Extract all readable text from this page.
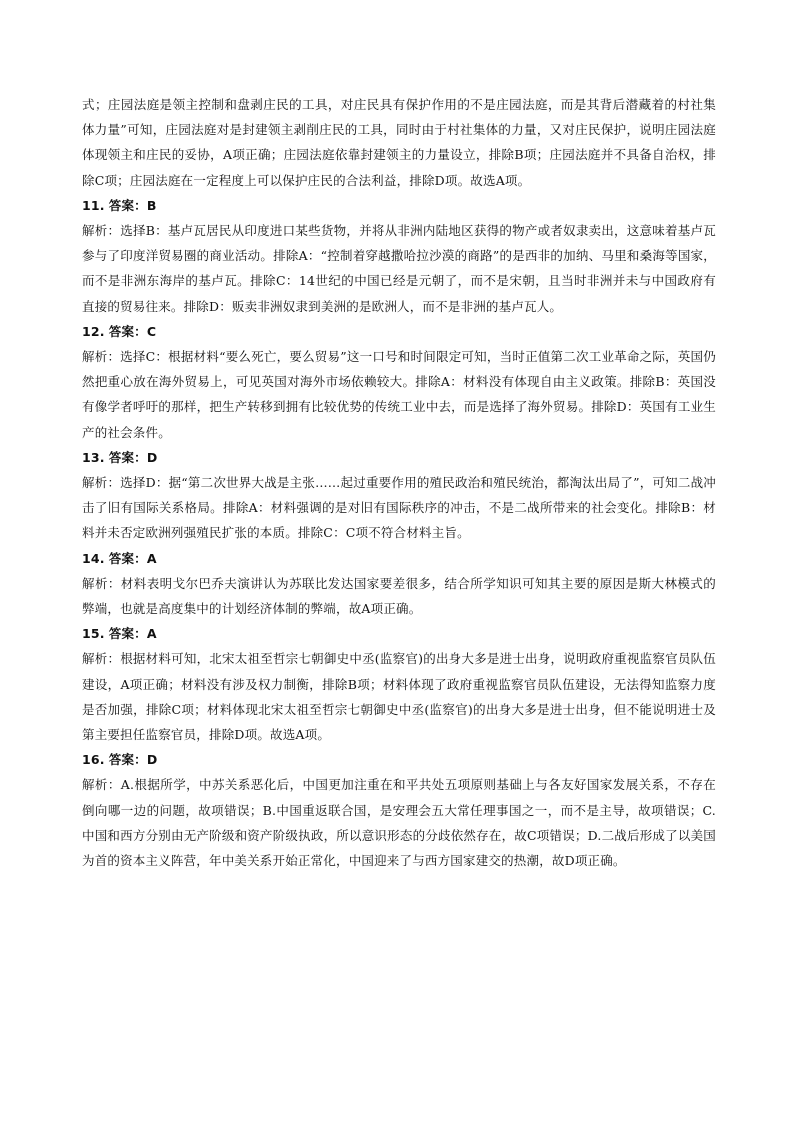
式；庄园法庭是领主控制和盘剥庄民的工具，对庄民具有保护作用的不是庄园法庭，而是其背后潜藏着的村社集体力量”可知，庄园法庭对是封建领主剥削庄民的工具，同时由于村社集体的力量，又对庄民保护，说明庄园法庭体现领主和庄民的妥协，A项正确；庄园法庭依靠封建领主的力量设立，排除B项；庄园法庭并不具备自治权，排除C项；庄园法庭在一定程度上可以保护庄民的合法利益，排除D项。故选A项。

11. 答案：B

解析：选择B：基卢瓦居民从印度进口某些货物，并将从非洲内陆地区获得的物产或者奴隶卖出，这意味着基卢瓦参与了印度洋贸易圈的商业活动。排除A：“控制着穿越撒哈拉沙漠的商路”的是西非的加纳、马里和桑海等国家，而不是非洲东海岸的基卢瓦。排除C：14世纪的中国已经是元朝了，而不是宋朝，且当时非洲并未与中国政府有直接的贸易往来。排除D：贩卖非洲奴隶到美洲的是欧洲人，而不是非洲的基卢瓦人。

12. 答案：C

解析：选择C：根据材料“要么死亡，要么贸易”这一口号和时间限定可知，当时正值第二次工业革命之际，英国仍然把重心放在海外贸易上，可见英国对海外市场依赖较大。排除A：材料没有体现自由主义政策。排除B：英国没有像学者呼吁的那样，把生产转移到拥有比较优势的传统工业中去，而是选择了海外贸易。排除D：英国有工业生产的社会条件。

13. 答案：D

解析：选择D：据“第二次世界大战是主张……起过重要作用的殖民政治和殖民统治，都淘汰出局了”，可知二战冲击了旧有国际关系格局。排除A：材料强调的是对旧有国际秩序的冲击，不是二战所带来的社会变化。排除B：材料并未否定欧洲列强殖民扩张的本质。排除C：C项不符合材料主旨。

14. 答案：A

解析：材料表明戈尔巴乔夫演讲认为苏联比发达国家要差很多，结合所学知识可知其主要的原因是斯大林模式的弊端，也就是高度集中的计划经济体制的弊端，故A项正确。

15. 答案：A

解析：根据材料可知，北宋太祖至哲宗七朝御史中丞(监察官)的出身大多是进士出身，说明政府重视监察官员队伍建设，A项正确；材料没有涉及权力制衡，排除B项；材料体现了政府重视监察官员队伍建设，无法得知监察力度是否加强，排除C项；材料体现北宋太祖至哲宗七朝御史中丞(监察官)的出身大多是进士出身，但不能说明进士及第主要担任监察官员，排除D项。故选A项。

16. 答案：D

解析：A.根据所学，中苏关系恶化后，中国更加注重在和平共处五项原则基础上与各友好国家发展关系，不存在倒向哪一边的问题，故项错误；B.中国重返联合国，是安理会五大常任理事国之一，而不是主导，故项错误；C.中国和西方分别由无产阶级和资产阶级执政，所以意识形态的分歧依然存在，故C项错误；D.二战后形成了以美国为首的资本主义阵营，年中美关系开始正常化，中国迎来了与西方国家建交的热潮，故D项正确。
